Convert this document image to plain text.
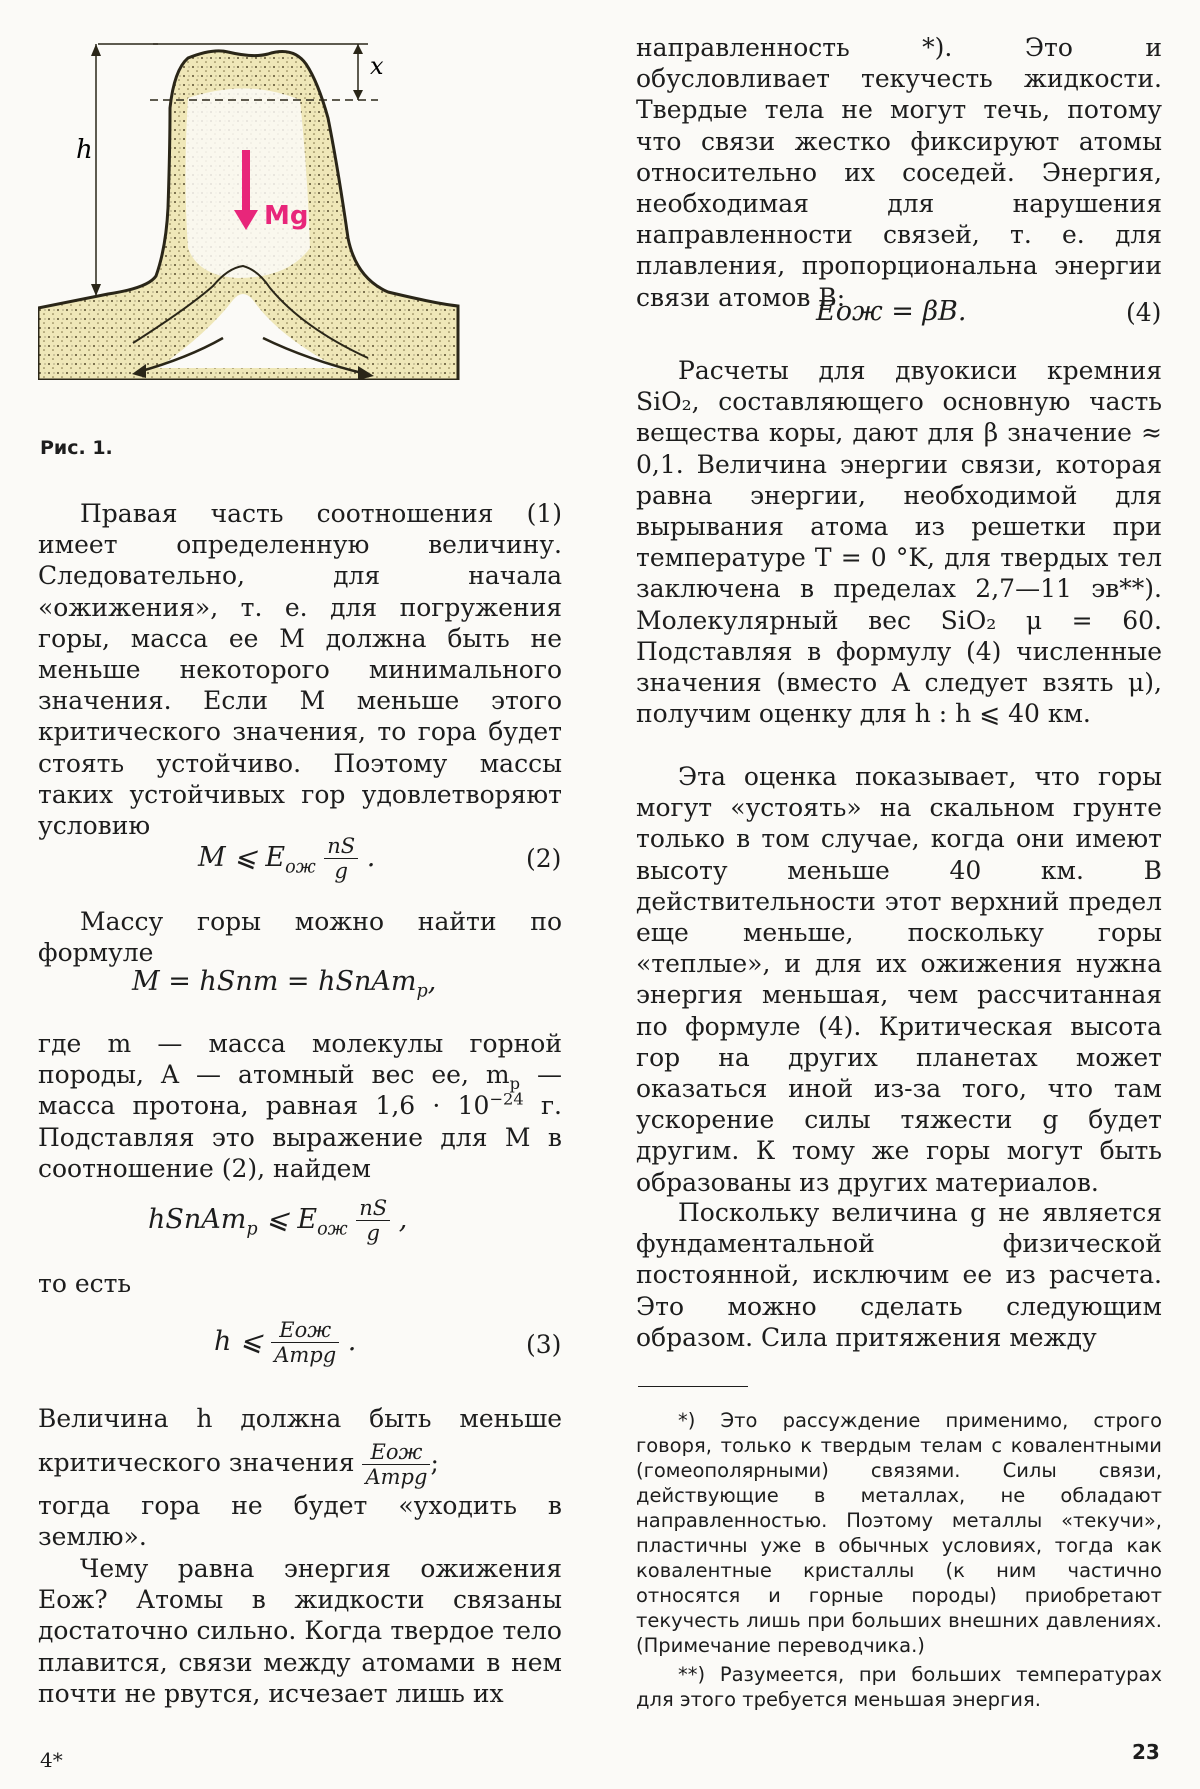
h
x
Mg
Рис. 1.

Правая часть соотношения (1) имеет определенную величину. Следовательно, для начала «ожижения», т. е. для погружения горы, масса ее M должна быть не меньше некоторого минимального значения. Если M меньше этого критического значения, то гора будет стоять устойчиво. Поэтому массы таких устойчивых гор удовлетворяют условию

M ⩽ $E_{ож} \frac{nS}{g}$ .	(2)

Массу горы можно найти по формуле

M = hSnm = hSnAm$_p$,

где m — масса молекулы горной породы, A — атомный вес ее, $m_p$ — масса протона, равная $1,6 \cdot 10^{-24}$ г. Подставляя это выражение для M в соотношение (2), найдем

hSnAm$_p$ ⩽ $E_{ож} \frac{nS}{g}$ ,

то есть

h ⩽ $\frac{\text{Eож}}{\text{Ampg}}$ .	(3)

Величина h должна быть меньше критического значения $\frac{\text{Eож}}{\text{Ampg}}$ ;

тогда гора не будет «уходить в землю».

Чему равна энергия ожижения Eож? Атомы в жидкости связаны достаточно сильно. Когда твердое тело плавится, связи между атомами в нем почти не рвутся, исчезает лишь их

направленность *). Это и обусловливает текучесть жидкости. Твердые тела не могут течь, потому что связи жестко фиксируют атомы относительно их соседей. Энергия, необходимая для нарушения направленности связей, т. е. для плавления, пропорциональна энергии связи атомов B:

Eож = βB.	(4)

Расчеты для двуокиси кремния SiO₂, составляющего основную часть вещества коры, дают для β значение ≈ 0,1. Величина энергии связи, которая равна энергии, необходимой для вырывания атома из решетки при температуре T = 0 °K, для твердых тел заключена в пределах 2,7—11 эв**). Молекулярный вес SiO₂ μ = 60. Подставляя в формулу (4) численные значения (вместо A следует взять μ), получим оценку для h : h ⩽ 40 км.

Эта оценка показывает, что горы могут «устоять» на скальном грунте только в том случае, когда они имеют высоту меньше 40 км. В действительности этот верхний предел еще меньше, поскольку горы «теплые», и для их ожижения нужна энергия меньшая, чем рассчитанная по формуле (4). Критическая высота гор на других планетах может оказаться иной из-за того, что там ускорение силы тяжести g будет другим. К тому же горы могут быть образованы из других материалов.

Поскольку величина g не является фундаментальной физической постоянной, исключим ее из расчета. Это можно сделать следующим образом. Сила притяжения между

*) Это рассуждение применимо, строго говоря, только к твердым телам с ковалентными (гомеополярными) связями. Силы связи, действующие в металлах, не обладают направленностью. Поэтому металлы «текучи», пластичны уже в обычных условиях, тогда как ковалентные кристаллы (к ним частично относятся и горные породы) приобретают текучесть лишь при больших внешних давлениях. (Примечание переводчика.)

**) Разумеется, при больших температурах для этого требуется меньшая энергия.

4*	23
